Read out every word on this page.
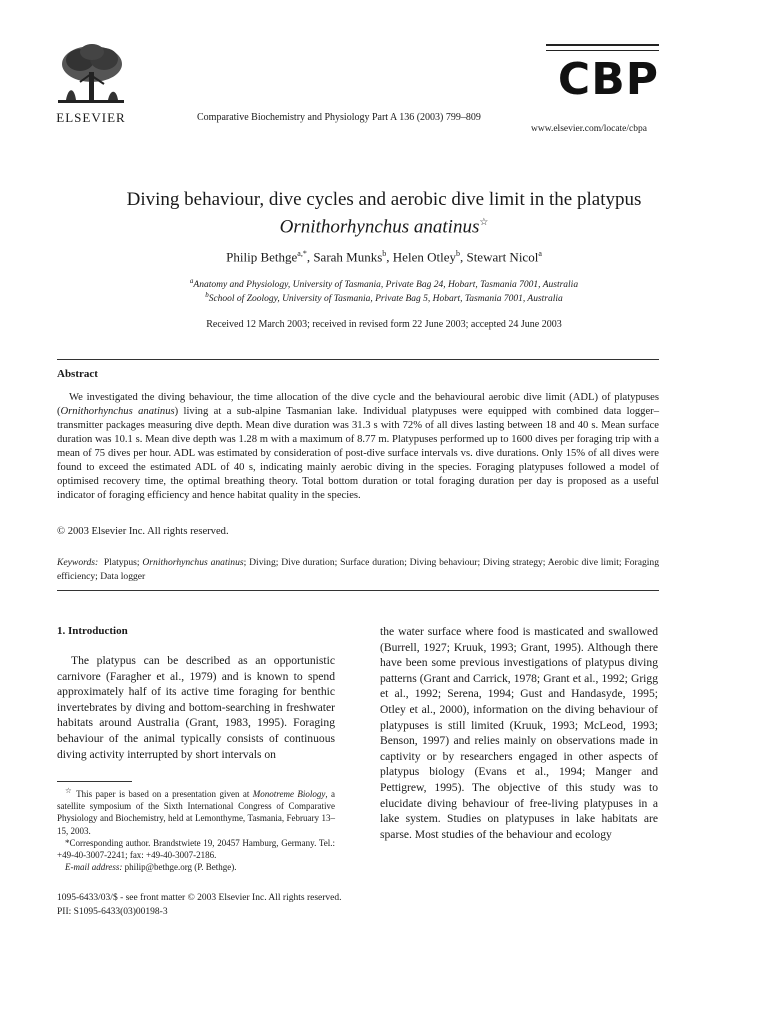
ELSEVIER	Comparative Biochemistry and Physiology Part A 136 (2003) 799–809
CBP
www.elsevier.com/locate/cbpa
Diving behaviour, dive cycles and aerobic dive limit in the platypus
Ornithorhynchus anatinus☆
Philip Bethge$^{a,*}$, Sarah Munks$^b$, Helen Otley$^b$, Stewart Nicol$^a$
$^a$Anatomy and Physiology, University of Tasmania, Private Bag 24, Hobart, Tasmania 7001, Australia
$^b$School of Zoology, University of Tasmania, Private Bag 5, Hobart, Tasmania 7001, Australia
Received 12 March 2003; received in revised form 22 June 2003; accepted 24 June 2003
Abstract

We investigated the diving behaviour, the time allocation of the dive cycle and the behavioural aerobic dive limit (ADL) of platypuses (Ornithorhynchus anatinus) living at a sub-alpine Tasmanian lake. Individual platypuses were equipped with combined data logger–transmitter packages measuring dive depth. Mean dive duration was 31.3 s with 72% of all dives lasting between 18 and 40 s. Mean surface duration was 10.1 s. Mean dive depth was 1.28 m with a maximum of 8.77 m. Platypuses performed up to 1600 dives per foraging trip with a mean of 75 dives per hour. ADL was estimated by consideration of post-dive surface intervals vs. dive durations. Only 15% of all dives were found to exceed the estimated ADL of 40 s, indicating mainly aerobic diving in the species. Foraging platypuses followed a model of optimised recovery time, the optimal breathing theory. Total bottom duration or total foraging duration per day is proposed as a useful indicator of foraging efficiency and hence habitat quality in the species.

© 2003 Elsevier Inc. All rights reserved.
Keywords: Platypus; Ornithorhynchus anatinus; Diving; Dive duration; Surface duration; Diving behaviour; Diving strategy; Aerobic dive limit; Foraging efficiency; Data logger
1. Introduction
The platypus can be described as an opportunistic carnivore (Faragher et al., 1979) and is known to spend approximately half of its active time foraging for benthic invertebrates by diving and bottom-searching in freshwater habitats around Australia (Grant, 1983, 1995). Foraging behaviour of the animal typically consists of continuous diving activity interrupted by short intervals on
the water surface where food is masticated and swallowed (Burrell, 1927; Kruuk, 1993; Grant, 1995). Although there have been some previous investigations of platypus diving patterns (Grant and Carrick, 1978; Grant et al., 1992; Grigg et al., 1992; Serena, 1994; Gust and Handasyde, 1995; Otley et al., 2000), information on the diving behaviour of platypuses is still limited (Kruuk, 1993; McLeod, 1993; Benson, 1997) and relies mainly on observations made in captivity or by researchers engaged in other aspects of platypus biology (Evans et al., 1994; Manger and Pettigrew, 1995). The objective of this study was to elucidate diving behaviour of free-living platypuses in a lake system. Studies on platypuses in lake habitats are sparse. Most studies of the behaviour and ecology

☆ This paper is based on a presentation given at Monotreme Biology, a satellite symposium of the Sixth International Congress of Comparative Physiology and Biochemistry, held at Lemonthyme, Tasmania, February 13–15, 2003.

*Corresponding author. Brandstwiete 19, 20457 Hamburg, Germany. Tel.: +49-40-3007-2241; fax: +49-40-3007-2186.

E-mail address: philip@bethge.org (P. Bethge).

1095-6433/03/$ - see front matter © 2003 Elsevier Inc. All rights reserved.
PII: S1095-6433(03)00198-3
